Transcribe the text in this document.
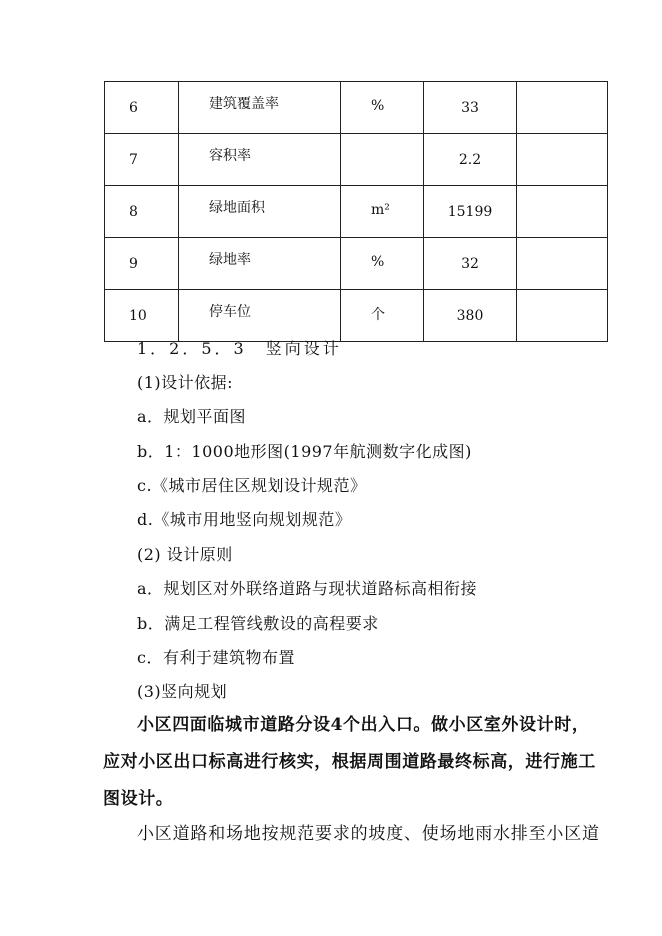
6	建筑覆盖率	%	33	
7	容积率		2.2	
8	绿地面积	m²	15199	
9	绿地率	%	32	
10	停车位	个	380	
1．2．5．3　竖向设计
(1)设计依据:
a．规划平面图
b．1：1000地形图(1997年航测数字化成图)
c.《城市居住区规划设计规范》
d.《城市用地竖向规划规范》
(2) 设计原则
a．规划区对外联络道路与现状道路标高相衔接
b．满足工程管线敷设的高程要求
c．有利于建筑物布置
(3)竖向规划
小区四面临城市道路分设4个出入口。做小区室外设计时，
应对小区出口标高进行核实，根据周围道路最终标高，进行施工
图设计。
小区道路和场地按规范要求的坡度、使场地雨水排至小区道
